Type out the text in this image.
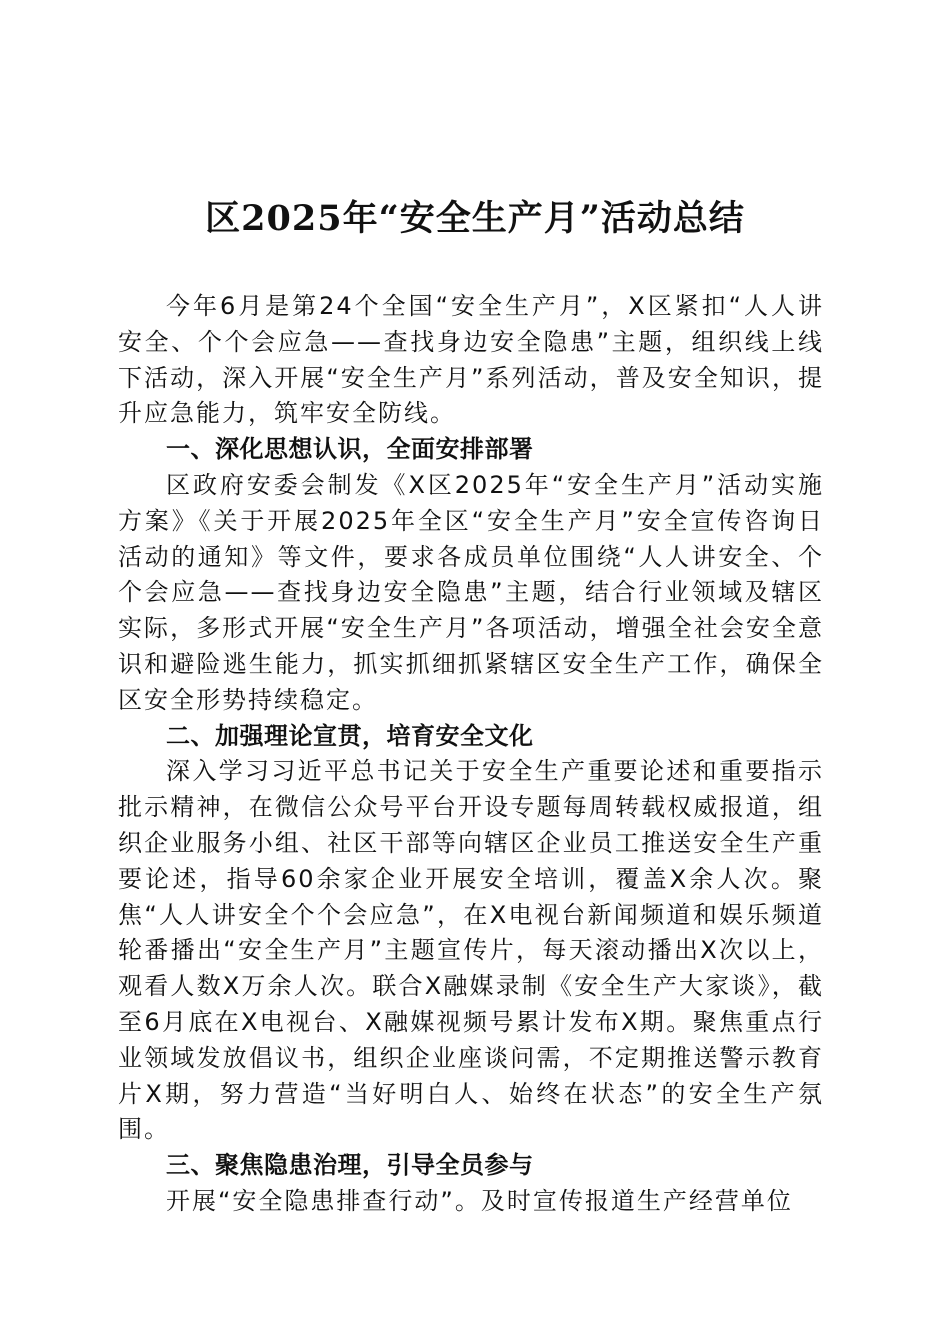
区2025年“安全生产月”活动总结

今年6月是第24个全国“安全生产月”，X区紧扣“人人讲安全、个个会应急——查找身边安全隐患”主题，组织线上线下活动，深入开展“安全生产月”系列活动，普及安全知识，提升应急能力，筑牢安全防线。

一、深化思想认识，全面安排部署

区政府安委会制发《X区2025年“安全生产月”活动实施方案》《关于开展2025年全区“安全生产月”安全宣传咨询日活动的通知》等文件，要求各成员单位围绕“人人讲安全、个个会应急——查找身边安全隐患”主题，结合行业领域及辖区实际，多形式开展“安全生产月”各项活动，增强全社会安全意识和避险逃生能力，抓实抓细抓紧辖区安全生产工作，确保全区安全形势持续稳定。

二、加强理论宣贯，培育安全文化

深入学习习近平总书记关于安全生产重要论述和重要指示批示精神，在微信公众号平台开设专题每周转载权威报道，组织企业服务小组、社区干部等向辖区企业员工推送安全生产重要论述，指导60余家企业开展安全培训，覆盖X余人次。聚焦“人人讲安全个个会应急”，在X电视台新闻频道和娱乐频道轮番播出“安全生产月”主题宣传片，每天滚动播出X次以上，观看人数X万余人次。联合X融媒录制《安全生产大家谈》，截至6月底在X电视台、X融媒视频号累计发布X期。聚焦重点行业领域发放倡议书，组织企业座谈问需，不定期推送警示教育片X期，努力营造“当好明白人、始终在状态”的安全生产氛围。

三、聚焦隐患治理，引导全员参与

开展“安全隐患排查行动”。及时宣传报道生产经营单位
